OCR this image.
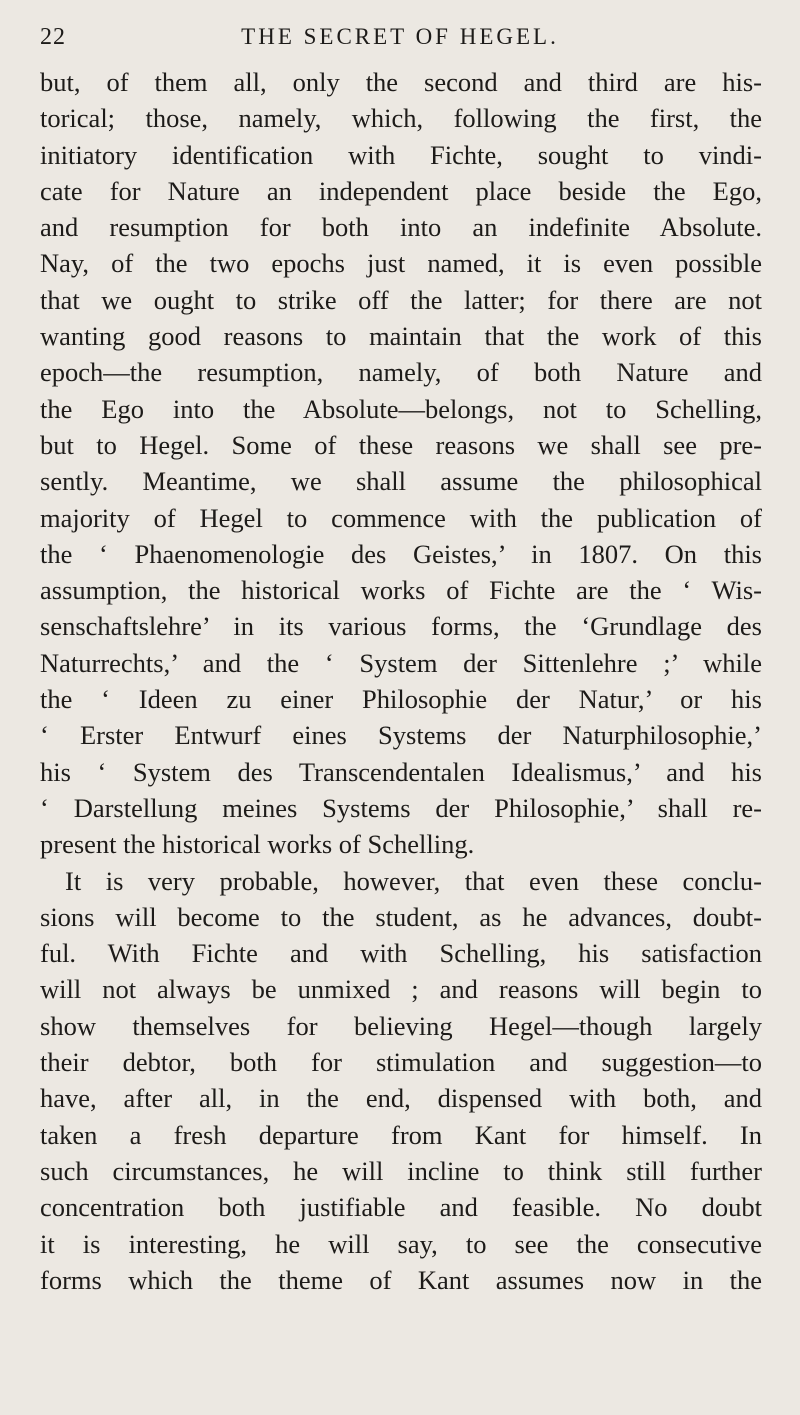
22	THE SECRET OF HEGEL.
but, of them all, only the second and third are his-
torical; those, namely, which, following the first, the
initiatory identification with Fichte, sought to vindi-
cate for Nature an independent place beside the Ego,
and resumption for both into an indefinite Absolute.
Nay, of the two epochs just named, it is even possible
that we ought to strike off the latter; for there are not
wanting good reasons to maintain that the work of this
epoch—the resumption, namely, of both Nature and
the Ego into the Absolute—belongs, not to Schelling,
but to Hegel. Some of these reasons we shall see pre-
sently. Meantime, we shall assume the philosophical
majority of Hegel to commence with the publication of
the ‘ Phaenomenologie des Geistes,’ in 1807. On this
assumption, the historical works of Fichte are the ‘ Wis-
senschaftslehre’ in its various forms, the ‘Grundlage des
Naturrechts,’ and the ‘ System der Sittenlehre ;’ while
the ‘ Ideen zu einer Philosophie der Natur,’ or his
‘ Erster Entwurf eines Systems der Naturphilosophie,’
his ‘ System des Transcendentalen Idealismus,’ and his
‘ Darstellung meines Systems der Philosophie,’ shall re-
present the historical works of Schelling.
It is very probable, however, that even these conclu-
sions will become to the student, as he advances, doubt-
ful. With Fichte and with Schelling, his satisfaction
will not always be unmixed ; and reasons will begin to
show themselves for believing Hegel—though largely
their debtor, both for stimulation and suggestion—to
have, after all, in the end, dispensed with both, and
taken a fresh departure from Kant for himself. In
such circumstances, he will incline to think still further
concentration both justifiable and feasible. No doubt
it is interesting, he will say, to see the consecutive
forms which the theme of Kant assumes now in the
